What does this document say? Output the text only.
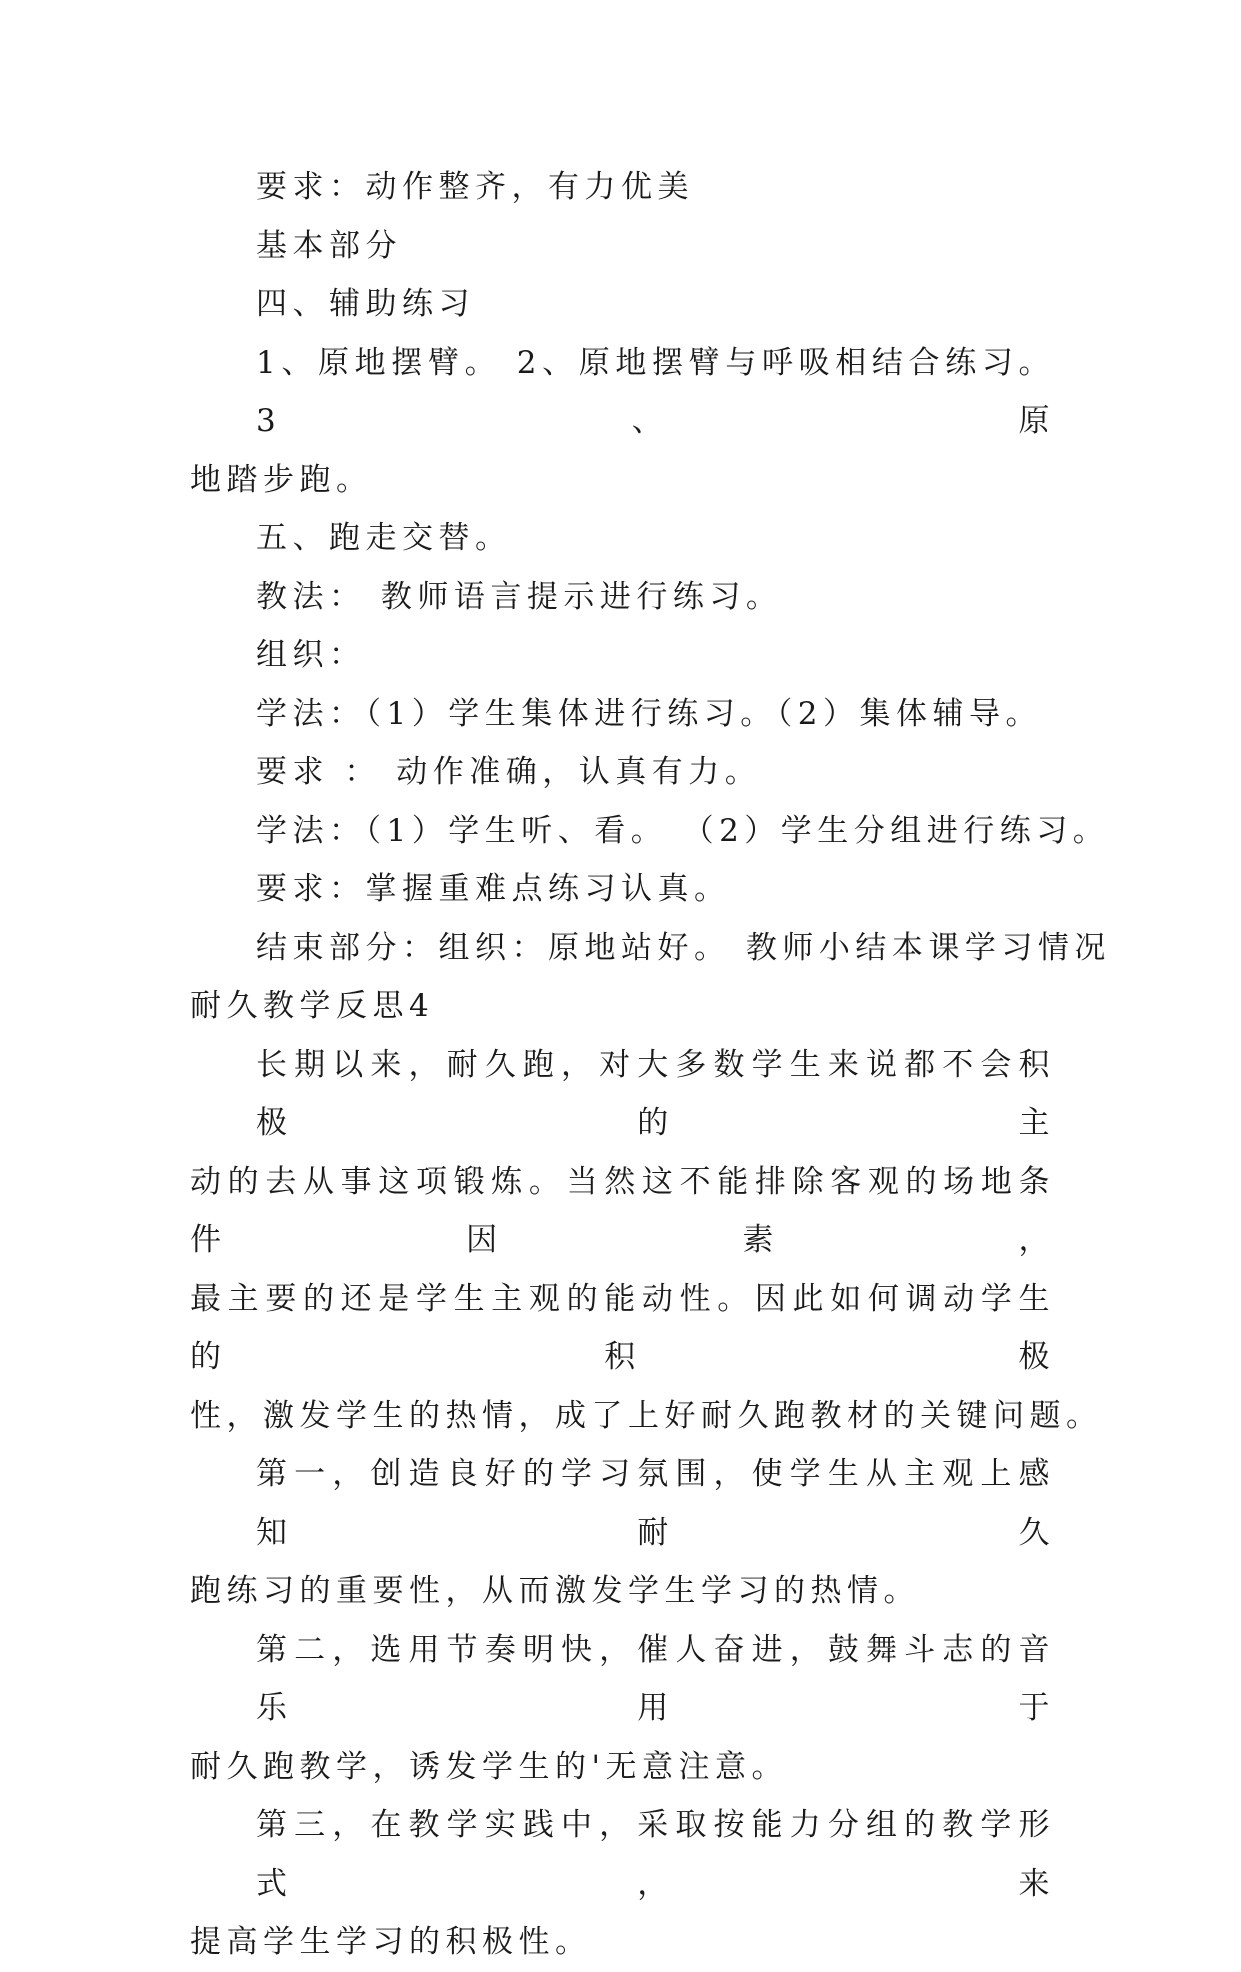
要求：动作整齐，有力优美

基本部分

四、辅助练习

1、原地摆臂。 2、原地摆臂与呼吸相结合练习。3、原

地踏步跑。

五、跑走交替。

教法： 教师语言提示进行练习。

组织：

学法：（1）学生集体进行练习。（2）集体辅导。

要求 ： 动作准确，认真有力。

学法：（1）学生听、看。 （2）学生分组进行练习。

要求：掌握重难点练习认真。

结束部分：组织：原地站好。 教师小结本课学习情况

耐久教学反思4

长期以来，耐久跑，对大多数学生来说都不会积极的主

动的去从事这项锻炼。当然这不能排除客观的场地条件因素，

最主要的还是学生主观的能动性。因此如何调动学生的积极

性，激发学生的热情，成了上好耐久跑教材的关键问题。

第一，创造良好的学习氛围，使学生从主观上感知耐久

跑练习的重要性，从而激发学生学习的热情。

第二，选用节奏明快，催人奋进，鼓舞斗志的音乐用于

耐久跑教学，诱发学生的'无意注意。

第三，在教学实践中，采取按能力分组的教学形式，来

提高学生学习的积极性。
